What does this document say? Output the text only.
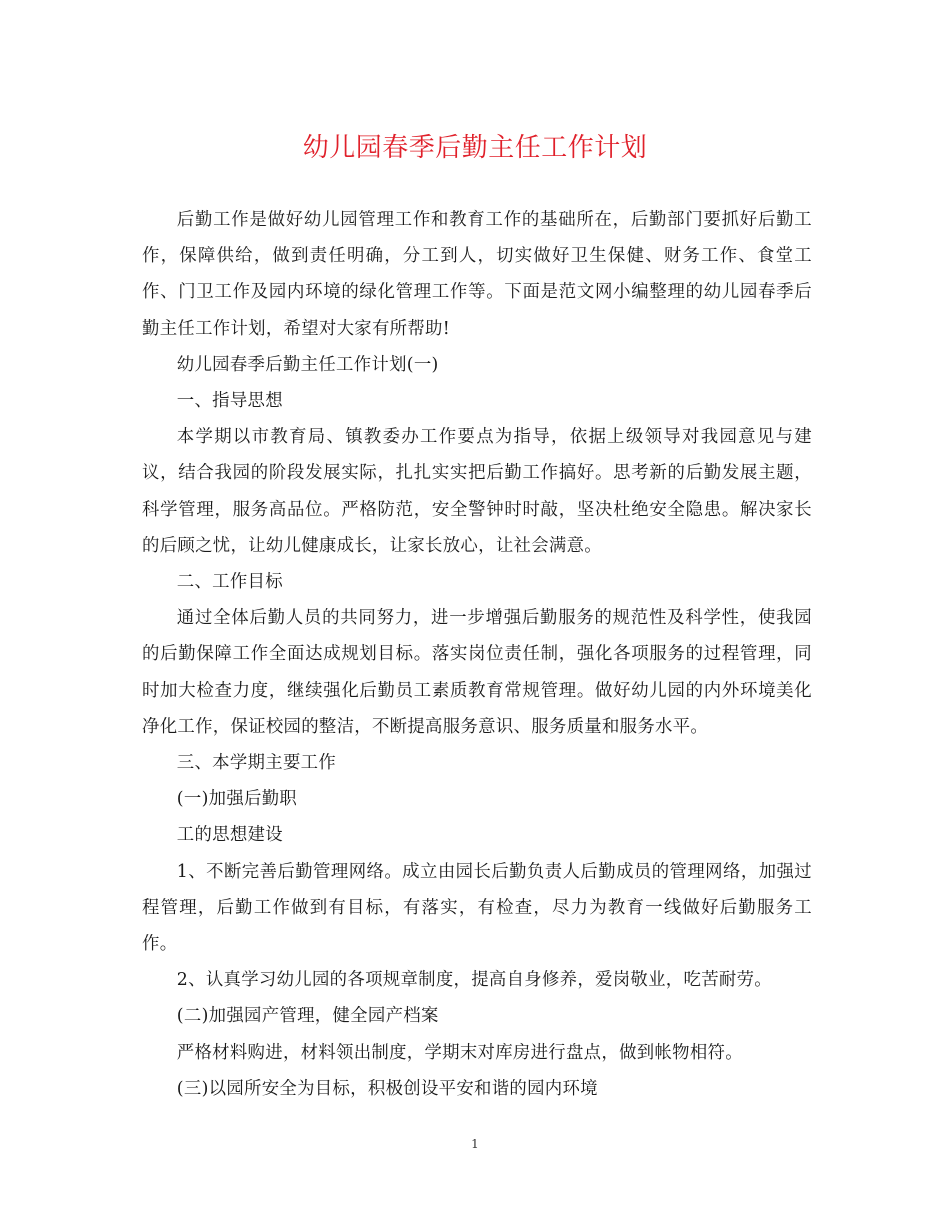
幼儿园春季后勤主任工作计划

后勤工作是做好幼儿园管理工作和教育工作的基础所在，后勤部门要抓好后勤工作，保障供给，做到责任明确，分工到人，切实做好卫生保健、财务工作、食堂工作、门卫工作及园内环境的绿化管理工作等。下面是范文网小编整理的幼儿园春季后勤主任工作计划，希望对大家有所帮助!

幼儿园春季后勤主任工作计划(一)

一、指导思想

本学期以市教育局、镇教委办工作要点为指导，依据上级领导对我园意见与建议，结合我园的阶段发展实际，扎扎实实把后勤工作搞好。思考新的后勤发展主题，科学管理，服务高品位。严格防范，安全警钟时时敲，坚决杜绝安全隐患。解决家长的后顾之忧，让幼儿健康成长，让家长放心，让社会满意。

二、工作目标

通过全体后勤人员的共同努力，进一步增强后勤服务的规范性及科学性，使我园的后勤保障工作全面达成规划目标。落实岗位责任制，强化各项服务的过程管理，同时加大检查力度，继续强化后勤员工素质教育常规管理。做好幼儿园的内外环境美化净化工作，保证校园的整洁，不断提高服务意识、服务质量和服务水平。

三、本学期主要工作

(一)加强后勤职

工的思想建设

1、不断完善后勤管理网络。成立由园长后勤负责人后勤成员的管理网络，加强过程管理，后勤工作做到有目标，有落实，有检查，尽力为教育一线做好后勤服务工作。

2、认真学习幼儿园的各项规章制度，提高自身修养，爱岗敬业，吃苦耐劳。

(二)加强园产管理，健全园产档案

严格材料购进，材料领出制度，学期末对库房进行盘点，做到帐物相符。

(三)以园所安全为目标，积极创设平安和谐的园内环境

1
